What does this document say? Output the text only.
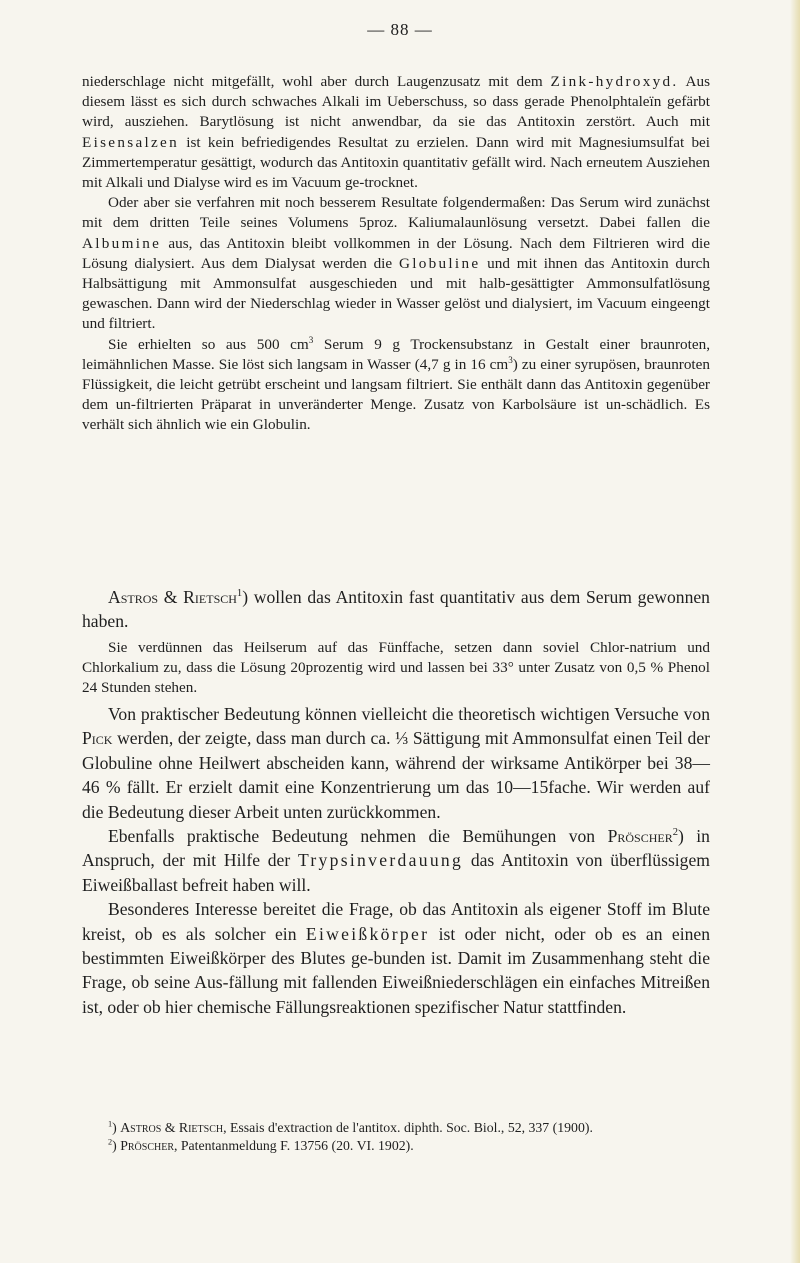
— 88 —

niederschlage nicht mitgefällt, wohl aber durch Laugenzusatz mit dem Zink-hydroxyd. Aus diesem lässt es sich durch schwaches Alkali im Ueberschuss, so dass gerade Phenolphtaleïn gefärbt wird, ausziehen. Barytlösung ist nicht anwendbar, da sie das Antitoxin zerstört. Auch mit Eisensalzen ist kein befriedigendes Resultat zu erzielen. Dann wird mit Magnesiumsulfat bei Zimmertemperatur gesättigt, wodurch das Antitoxin quantitativ gefällt wird. Nach erneutem Ausziehen mit Alkali und Dialyse wird es im Vacuum ge-trocknet.

Oder aber sie verfahren mit noch besserem Resultate folgendermaßen: Das Serum wird zunächst mit dem dritten Teile seines Volumens 5proz. Kaliumalaunlösung versetzt. Dabei fallen die Albumine aus, das Antitoxin bleibt vollkommen in der Lösung. Nach dem Filtrieren wird die Lösung dialysiert. Aus dem Dialysat werden die Globuline und mit ihnen das Antitoxin durch Halbsättigung mit Ammonsulfat ausgeschieden und mit halb-gesättigter Ammonsulfatlösung gewaschen. Dann wird der Niederschlag wieder in Wasser gelöst und dialysiert, im Vacuum eingeengt und filtriert.

Sie erhielten so aus 500 $cm^3$ Serum 9 g Trockensubstanz in Gestalt einer braunroten, leimähnlichen Masse. Sie löst sich langsam in Wasser (4,7 g in 16 $cm^3$) zu einer syrupösen, braunroten Flüssigkeit, die leicht getrübt erscheint und langsam filtriert. Sie enthält dann das Antitoxin gegenüber dem un-filtrierten Präparat in unveränderter Menge. Zusatz von Karbolsäure ist un-schädlich. Es verhält sich ähnlich wie ein Globulin.

Astros & Rietsch$^1$) wollen das Antitoxin fast quantitativ aus dem Serum gewonnen haben.

Sie verdünnen das Heilserum auf das Fünffache, setzen dann soviel Chlor-natrium und Chlorkalium zu, dass die Lösung 20prozentig wird und lassen bei 33° unter Zusatz von 0,5 % Phenol 24 Stunden stehen.

Von praktischer Bedeutung können vielleicht die theoretisch wichtigen Versuche von Pick werden, der zeigte, dass man durch ca. ⅓ Sättigung mit Ammonsulfat einen Teil der Globuline ohne Heilwert abscheiden kann, während der wirksame Antikörper bei 38—46 % fällt. Er erzielt damit eine Konzentrierung um das 10—15fache. Wir werden auf die Bedeutung dieser Arbeit unten zurückkommen.

Ebenfalls praktische Bedeutung nehmen die Bemühungen von Pröscher$^2$) in Anspruch, der mit Hilfe der Trypsinverdauung das Antitoxin von überflüssigem Eiweißballast befreit haben will.

Besonderes Interesse bereitet die Frage, ob das Antitoxin als eigener Stoff im Blute kreist, ob es als solcher ein Eiweißkörper ist oder nicht, oder ob es an einen bestimmten Eiweißkörper des Blutes ge-bunden ist. Damit im Zusammenhang steht die Frage, ob seine Aus-fällung mit fallenden Eiweißniederschlägen ein einfaches Mitreißen ist, oder ob hier chemische Fällungsreaktionen spezifischer Natur stattfinden.

$^1$) Astros & Rietsch, Essais d'extraction de l'antitox. diphth. Soc. Biol., 52, 337 (1900).

$^2$) Pröscher, Patentanmeldung F. 13756 (20. VI. 1902).
